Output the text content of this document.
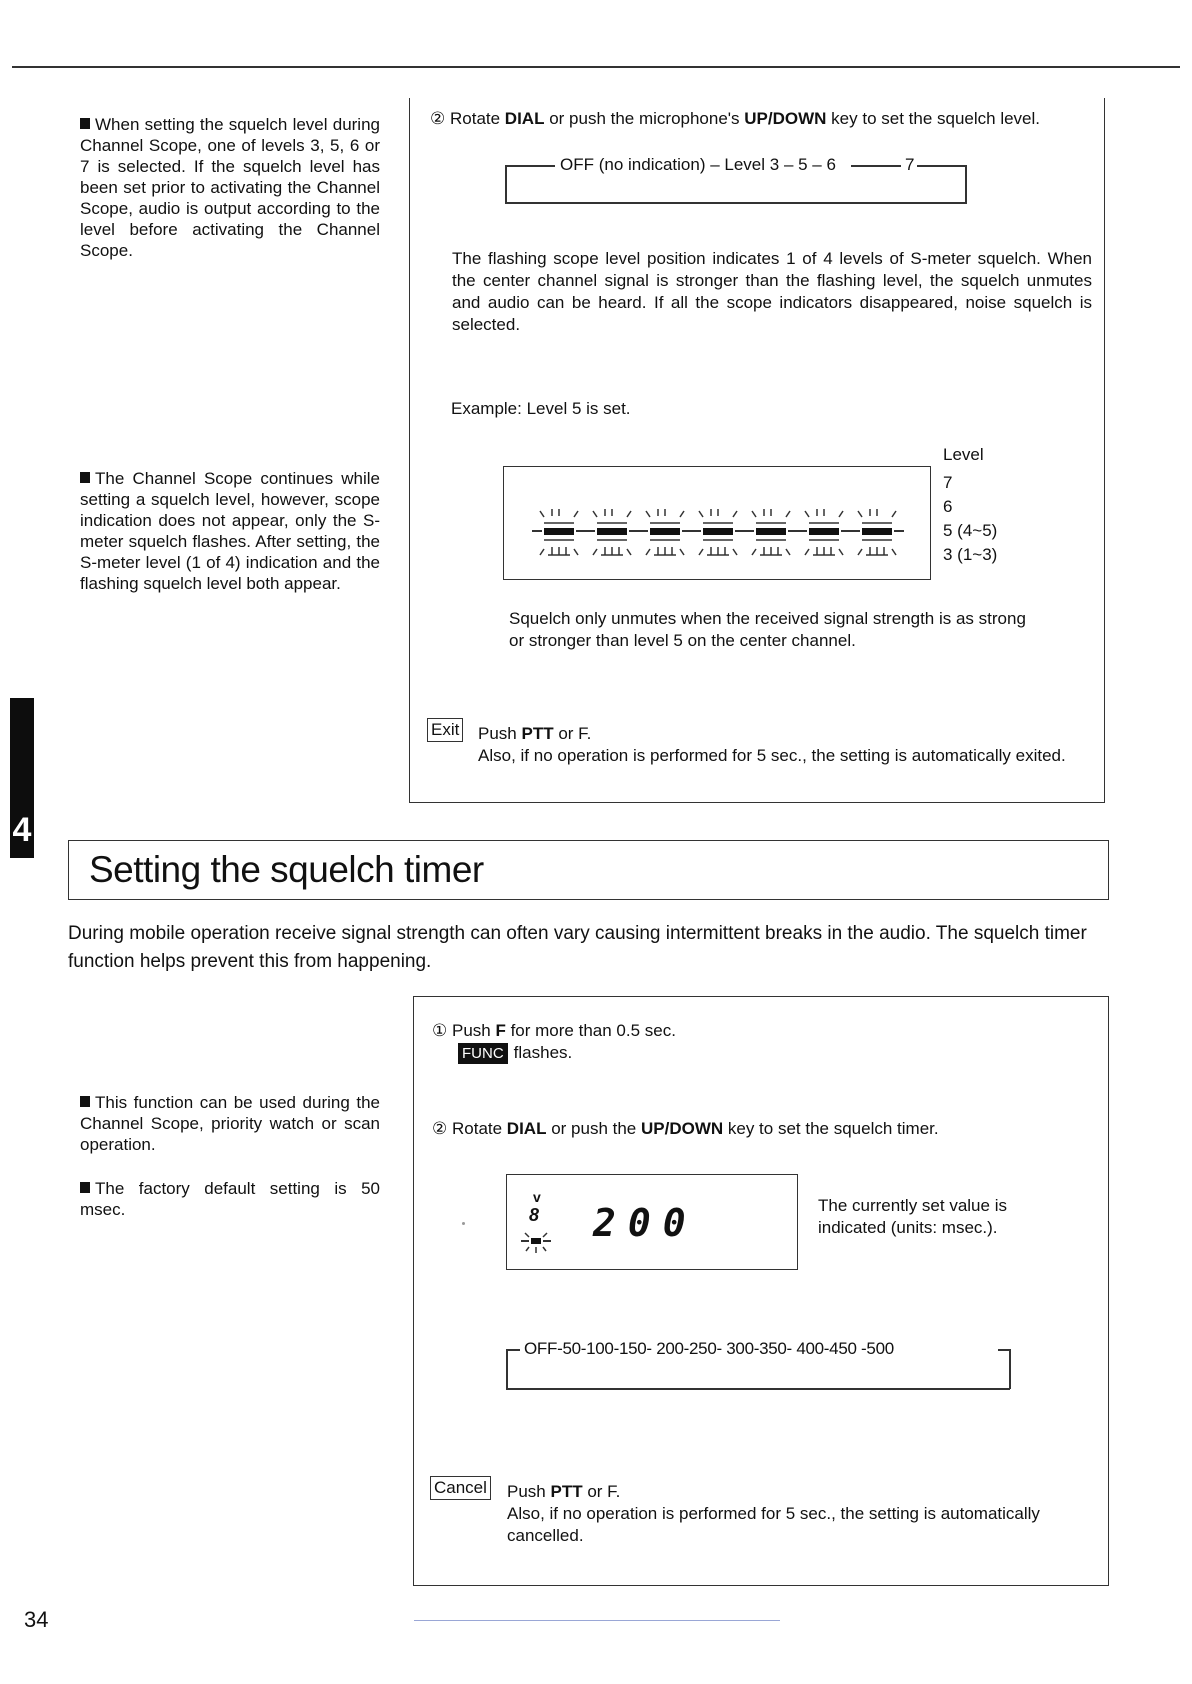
4
When setting the squelch level during Channel Scope, one of levels 3, 5, 6 or 7 is selected. If the squelch level has been set prior to activating the Channel Scope, audio is output according to the level before activating the Channel Scope.
The Channel Scope continues while setting a squelch level, however, scope indication does not appear, only the S-meter squelch flashes. After setting, the S-meter level (1 of 4) indication and the flashing squelch level both appear.
② Rotate DIAL or push the microphone's UP/DOWN key to set the squelch level.
OFF (no indication) – Level 3 – 5 – 6	7
The flashing scope level position indicates 1 of 4 levels of S-meter squelch. When the center channel signal is stronger than the flashing level, the squelch unmutes and audio can be heard. If all the scope indicators disappeared, noise squelch is selected.
Example: Level 5 is set.
Level
7
6
5 (4~5)
3 (1~3)
Squelch only unmutes when the received signal strength is as strong or stronger than level 5 on the center channel.
Exit Push PTT or F.
Also, if no operation is performed for 5 sec., the setting is automatically exited.
Setting the squelch timer
During mobile operation receive signal strength can often vary causing intermittent breaks in the audio. The squelch timer function helps prevent this from happening.
This function can be used during the Channel Scope, priority watch or scan operation.
The factory default setting is 50 msec.
① Push F for more than 0.5 sec.
FUNC flashes.
② Rotate DIAL or push the UP/DOWN key to set the squelch timer.
v
8 200	The currently set value is indicated (units: msec.).
OFF-50-100-150- 200-250- 300-350- 400-450 -500
Cancel Push PTT or F.
Also, if no operation is performed for 5 sec., the setting is automatically cancelled.
34
